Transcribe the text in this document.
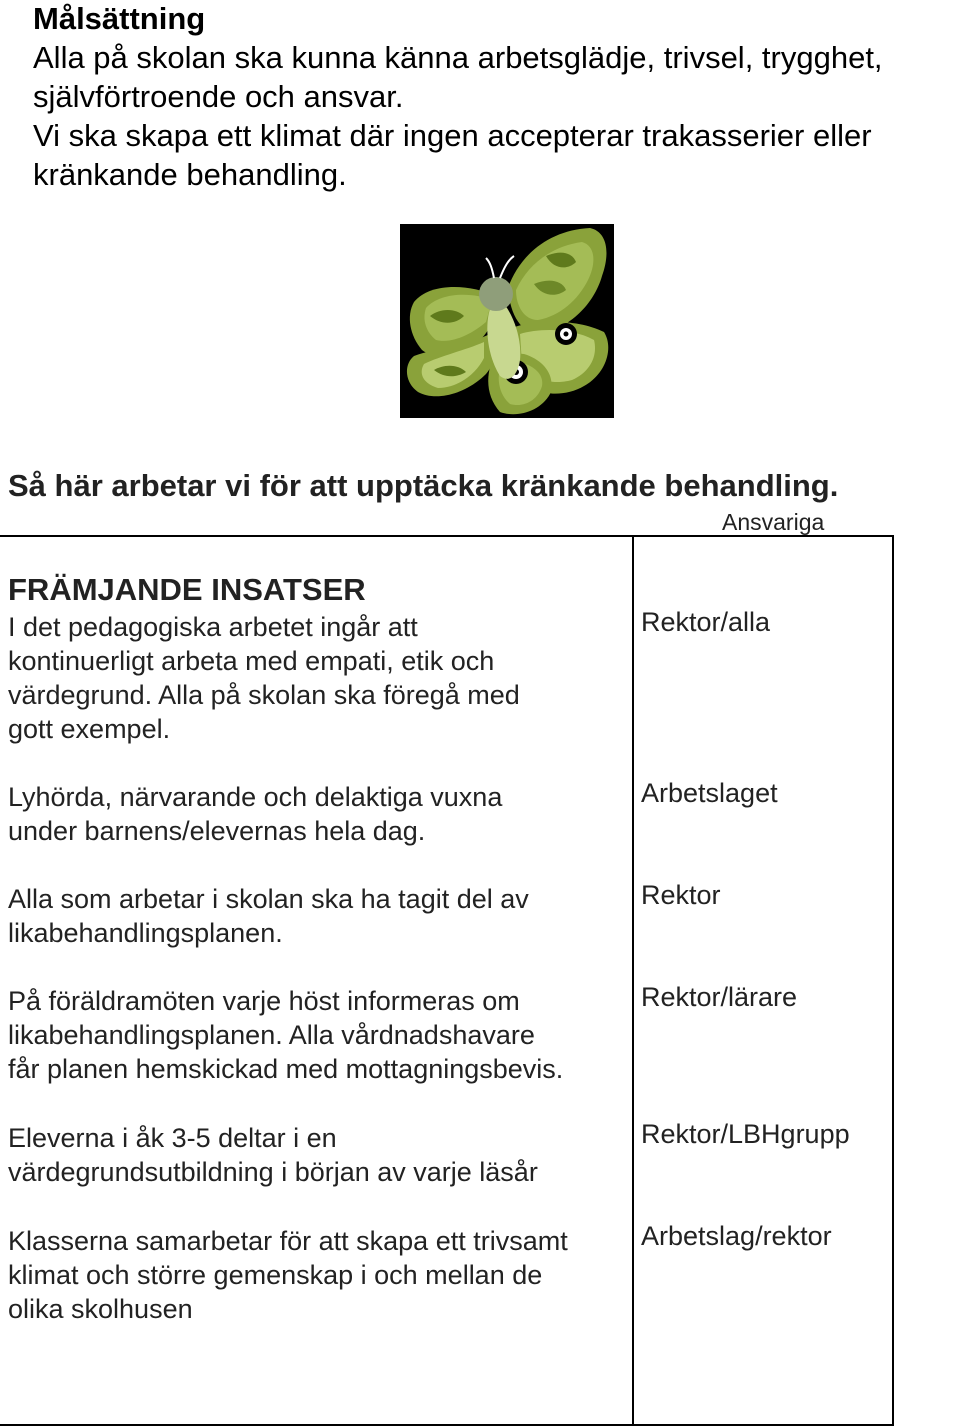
Målsättning

Alla på skolan ska kunna känna arbetsglädje, trivsel, trygghet,

självförtroende och ansvar.

Vi ska skapa ett klimat där ingen accepterar trakasserier eller

kränkande behandling.

Så här arbetar vi för att upptäcka kränkande behandling.

Ansvariga

FRÄMJANDE INSATSER

I det pedagogiska arbetet ingår att

kontinuerligt arbeta med empati, etik och

värdegrund. Alla på skolan ska föregå med

gott exempel.

Rektor/alla

Lyhörda, närvarande och delaktiga vuxna

under barnens/elevernas hela dag.

Arbetslaget

Alla som arbetar i skolan ska ha tagit del av

likabehandlingsplanen.

Rektor

På föräldramöten varje höst informeras om

likabehandlingsplanen. Alla vårdnadshavare

får planen hemskickad med mottagningsbevis.

Rektor/lärare

Eleverna i åk 3-5 deltar i en

värdegrundsutbildning i början av varje läsår

Rektor/LBHgrupp

Klasserna samarbetar för att skapa ett trivsamt

klimat och större gemenskap i och mellan de

olika skolhusen

Arbetslag/rektor
